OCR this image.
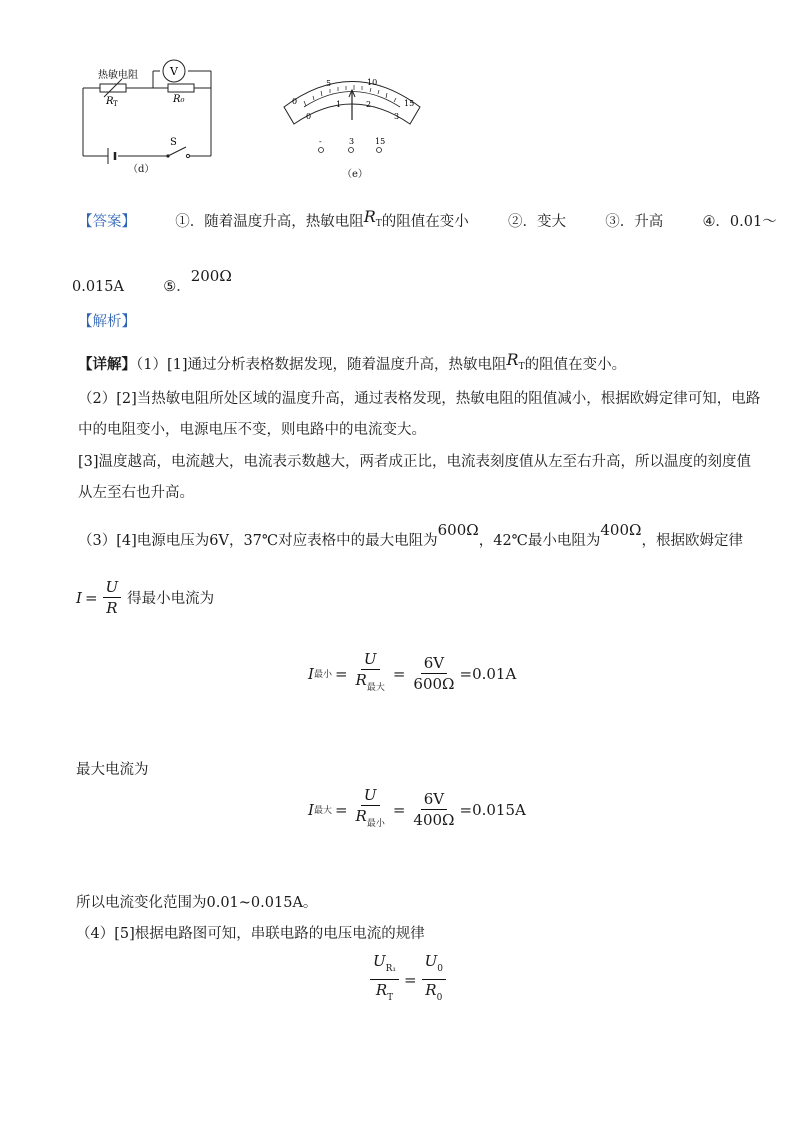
V
热敏电阻
R T	R₀
S
（d）
0
5	10
15
0
1	2
3
-	3	15
（e）
【答案】	①．随着温度升高，热敏电阻RT的阻值在变小	②．变大	③．升高	④．0.01～
0.015A	⑤．200Ω
【解析】
【详解】（1）[1]通过分析表格数据发现，随着温度升高，热敏电阻RT的阻值在变小。
（2）[2]当热敏电阻所处区域的温度升高，通过表格发现，热敏电阻的阻值减小，根据欧姆定律可知，电路
中的电阻变小，电源电压不变，则电路中的电流变大。
[3]温度越高，电流越大，电流表示数越大，两者成正比，电流表刻度值从左至右升高，所以温度的刻度值
从左至右也升高。
（3）[4]电源电压为6V，37℃对应表格中的最大电阻为600Ω，42℃最小电阻为400Ω，根据欧姆定律
$I = \frac{U}{R}$ 得最小电流为
I 最小 = $\frac{U}{R_{最大}} = \frac{6V}{600\Omega} =0.01A$
最大电流为
I 最大 = $\frac{U}{R_{最小}} = \frac{6V}{400\Omega} =0.015A$
所以电流变化范围为0.01~0.015A。
（4）[5]根据电路图可知，串联电路的电压电流的规律
$\frac{U_{R_1}}{R_T} = \frac{U_0}{R_0}$
